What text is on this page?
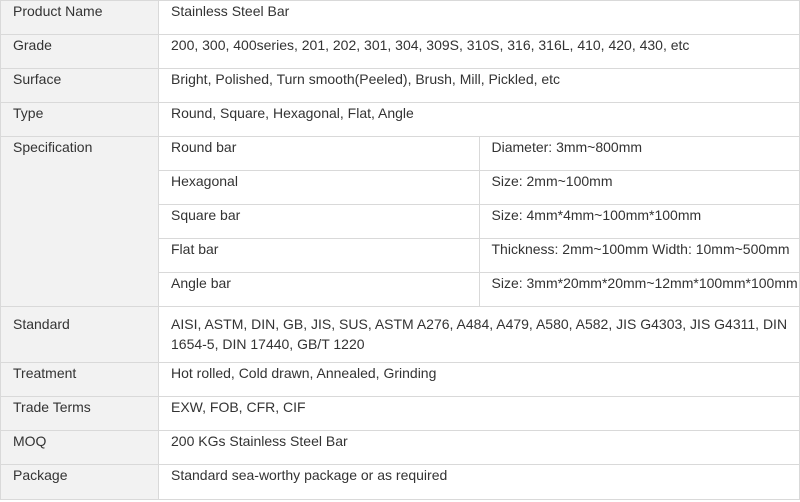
Product Name	Stainless Steel Bar	
Grade	200, 300, 400series, 201, 202, 301, 304, 309S, 310S, 316, 316L, 410, 420, 430, etc	
Surface	Bright, Polished, Turn smooth(Peeled), Brush, Mill, Pickled, etc	
Type	Round, Square, Hexagonal, Flat, Angle	
Specification	Round bar	Diameter: 3mm~800mm
	Hexagonal	Size: 2mm~100mm
	Square bar	Size: 4mm*4mm~100mm*100mm
	Flat bar	Thickness: 2mm~100mm Width: 10mm~500mm
	Angle bar	Size: 3mm*20mm*20mm~12mm*100mm*100mm
Standard	AISI, ASTM, DIN, GB, JIS, SUS, ASTM A276, A484, A479, A580, A582, JIS G4303, JIS G4311, DIN 1654-5, DIN 17440, GB/T 1220	
Treatment	Hot rolled, Cold drawn, Annealed, Grinding	
Trade Terms	EXW, FOB, CFR, CIF	
MOQ	200 KGs Stainless Steel Bar	
Package	Standard sea-worthy package or as required	
